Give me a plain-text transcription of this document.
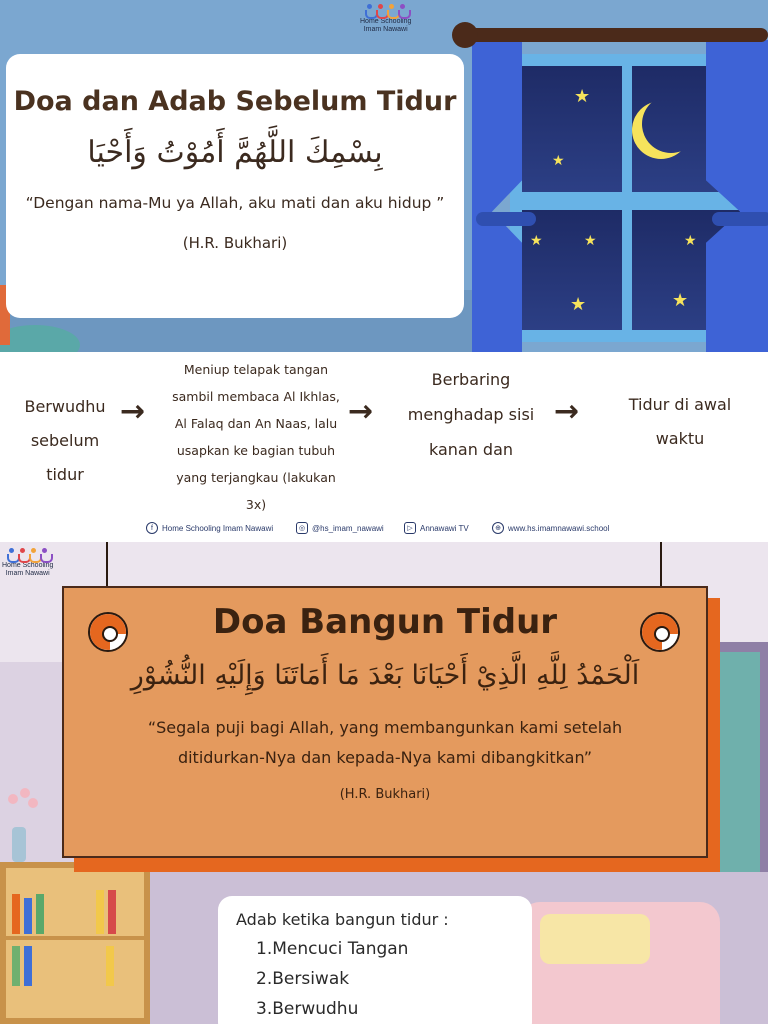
Home Schooling
Imam Nawawi
Doa dan Adab Sebelum Tidur
بِسْمِكَ اللَّهُمَّ أَمُوْتُ وَأَحْيَا
“Dengan nama-Mu ya Allah, aku mati dan aku hidup ”
(H.R. Bukhari)
★
★
★	★	★
★	★
Berwudhu sebelum tidur
→
Meniup telapak tangan sambil membaca Al Ikhlas, Al Falaq dan An Naas, lalu usapkan ke bagian tubuh yang terjangkau (lakukan 3x)
→
Berbaring menghadap sisi kanan dan
→	Tidur di awal waktu
f	Home Schooling Imam Nawawi	◎ @hs_imam_nawawi	▷ Annawawi TV	⊕ www.hs.imamnawawi.school
Home Schooling
Imam Nawawi
Doa Bangun Tidur
اَلْحَمْدُ لِلَّهِ الَّذِيْ أَحْيَانَا بَعْدَ مَا أَمَاتَنَا وَإِلَيْهِ النُّشُوْرِ
“Segala puji bagi Allah, yang membangunkan kami setelah
ditidurkan-Nya dan kepada-Nya kami dibangkitkan”
(H.R. Bukhari)
Adab ketika bangun tidur :
1.Mencuci Tangan
2.Bersiwak
3.Berwudhu
